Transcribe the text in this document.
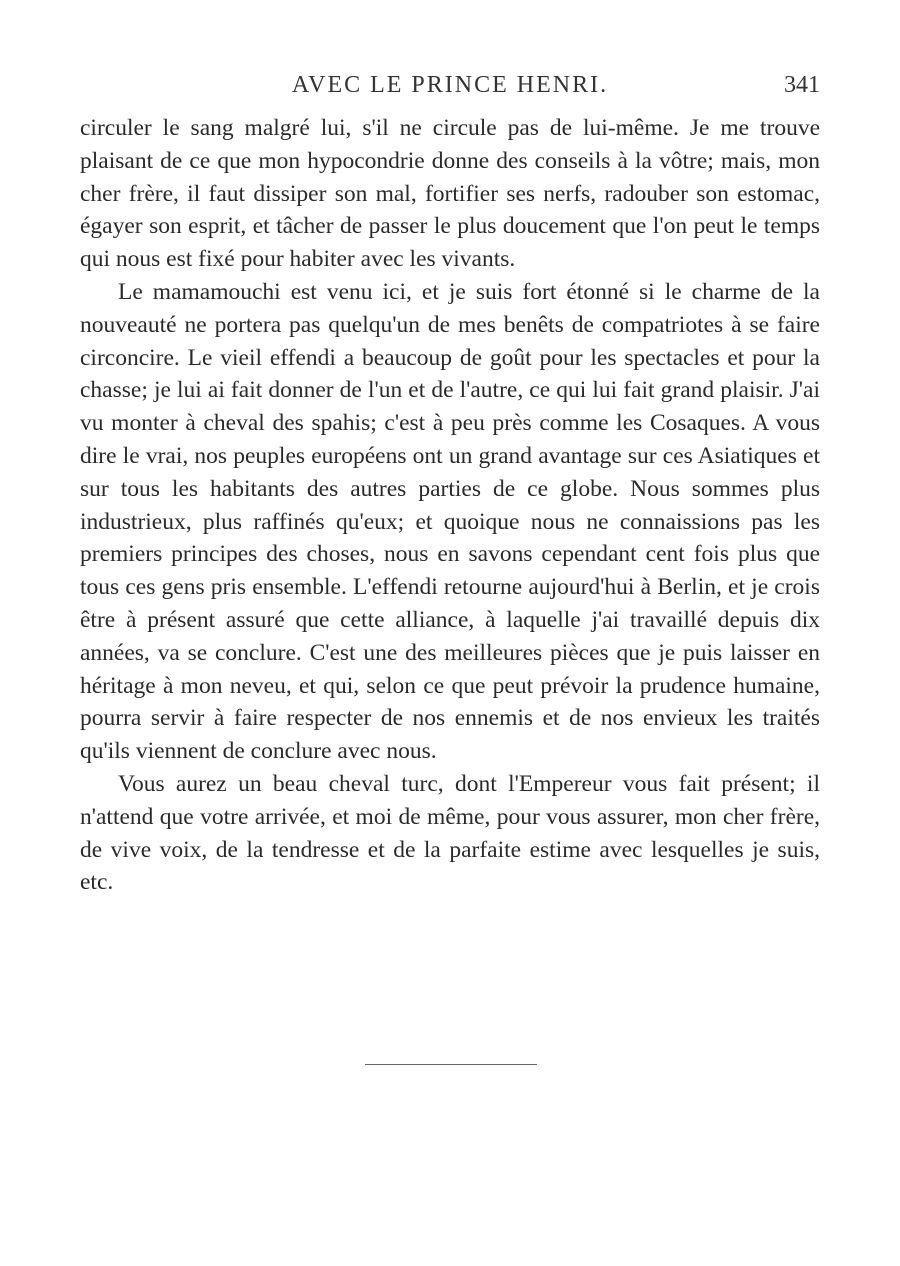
AVEC LE PRINCE HENRI.	341

circuler le sang malgré lui, s'il ne circule pas de lui-même. Je me trouve plaisant de ce que mon hypocondrie donne des conseils à la vôtre; mais, mon cher frère, il faut dissiper son mal, fortifier ses nerfs, radouber son estomac, égayer son esprit, et tâcher de passer le plus doucement que l'on peut le temps qui nous est fixé pour habiter avec les vivants.

Le mamamouchi est venu ici, et je suis fort étonné si le charme de la nouveauté ne portera pas quelqu'un de mes benêts de compatriotes à se faire circoncire. Le vieil effendi a beaucoup de goût pour les spectacles et pour la chasse; je lui ai fait donner de l'un et de l'autre, ce qui lui fait grand plaisir. J'ai vu monter à cheval des spahis; c'est à peu près comme les Cosaques. A vous dire le vrai, nos peuples européens ont un grand avantage sur ces Asiatiques et sur tous les habitants des autres parties de ce globe. Nous sommes plus industrieux, plus raffinés qu'eux; et quoique nous ne connaissions pas les premiers principes des choses, nous en savons cependant cent fois plus que tous ces gens pris ensemble. L'effendi retourne aujourd'hui à Berlin, et je crois être à présent assuré que cette alliance, à laquelle j'ai travaillé depuis dix années, va se conclure. C'est une des meilleures pièces que je puis laisser en héritage à mon neveu, et qui, selon ce que peut prévoir la prudence humaine, pourra servir à faire respecter de nos ennemis et de nos envieux les traités qu'ils viennent de conclure avec nous.

Vous aurez un beau cheval turc, dont l'Empereur vous fait présent; il n'attend que votre arrivée, et moi de même, pour vous assurer, mon cher frère, de vive voix, de la tendresse et de la parfaite estime avec lesquelles je suis, etc.
